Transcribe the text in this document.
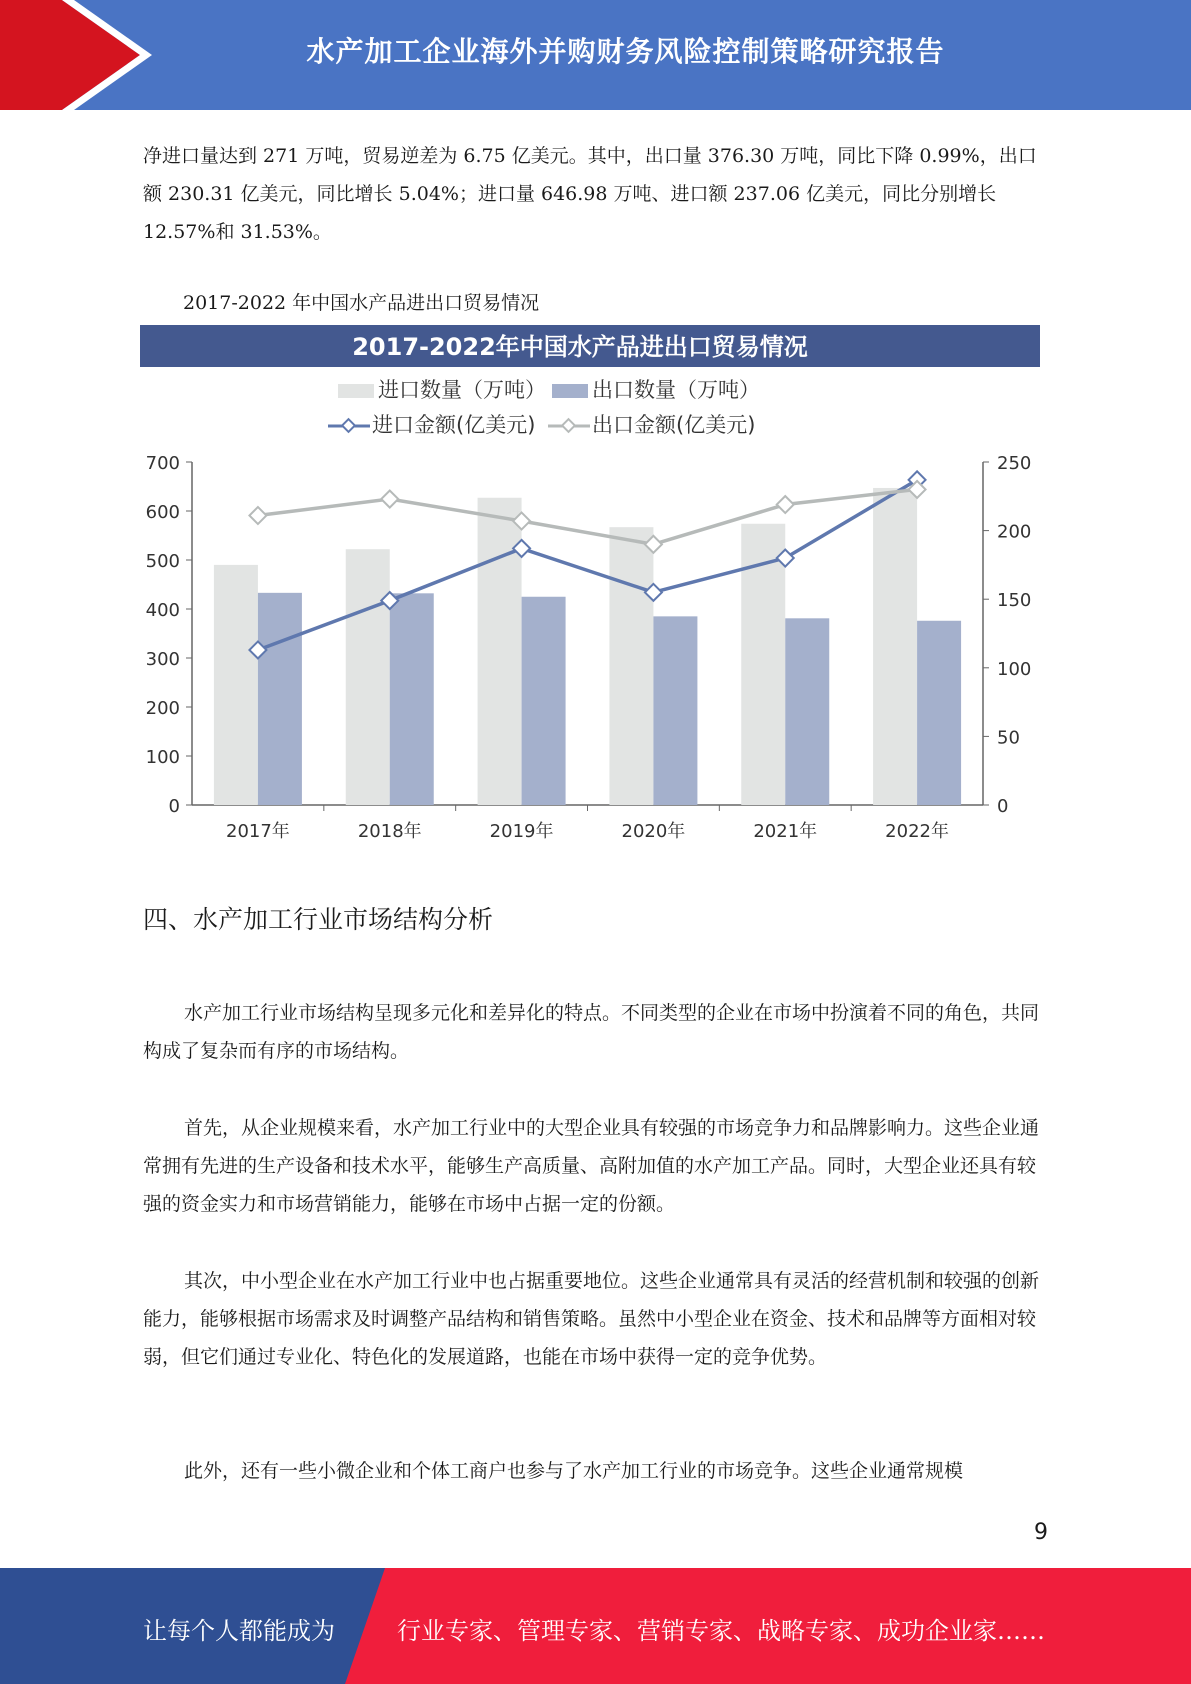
水产加工企业海外并购财务风险控制策略研究报告

净进口量达到 271 万吨，贸易逆差为 6.75 亿美元。其中，出口量 376.30 万吨，同比下降 0.99%，出口额 230.31 亿美元，同比增长 5.04%；进口量 646.98 万吨、进口额 237.06 亿美元，同比分别增长 12.57%和 31.53%。

2017-2022 年中国水产品进出口贸易情况
2017-2022年中国水产品进出口贸易情况
进口数量（万吨） 出口数量（万吨）
进口金额(亿美元)	出口金额(亿美元)
0
100
200
300
400
500
600
700
0
50
100
150
200
250
2017年	2018年	2019年	2020年	2021年	2022年
四、水产加工行业市场结构分析

水产加工行业市场结构呈现多元化和差异化的特点。不同类型的企业在市场中扮演着不同的角色，共同构成了复杂而有序的市场结构。

首先，从企业规模来看，水产加工行业中的大型企业具有较强的市场竞争力和品牌影响力。这些企业通常拥有先进的生产设备和技术水平，能够生产高质量、高附加值的水产加工产品。同时，大型企业还具有较强的资金实力和市场营销能力，能够在市场中占据一定的份额。

其次，中小型企业在水产加工行业中也占据重要地位。这些企业通常具有灵活的经营机制和较强的创新能力，能够根据市场需求及时调整产品结构和销售策略。虽然中小型企业在资金、技术和品牌等方面相对较弱，但它们通过专业化、特色化的发展道路，也能在市场中获得一定的竞争优势。

此外，还有一些小微企业和个体工商户也参与了水产加工行业的市场竞争。这些企业通常规模

9
让每个人都能成为	行业专家、管理专家、营销专家、战略专家、成功企业家……
